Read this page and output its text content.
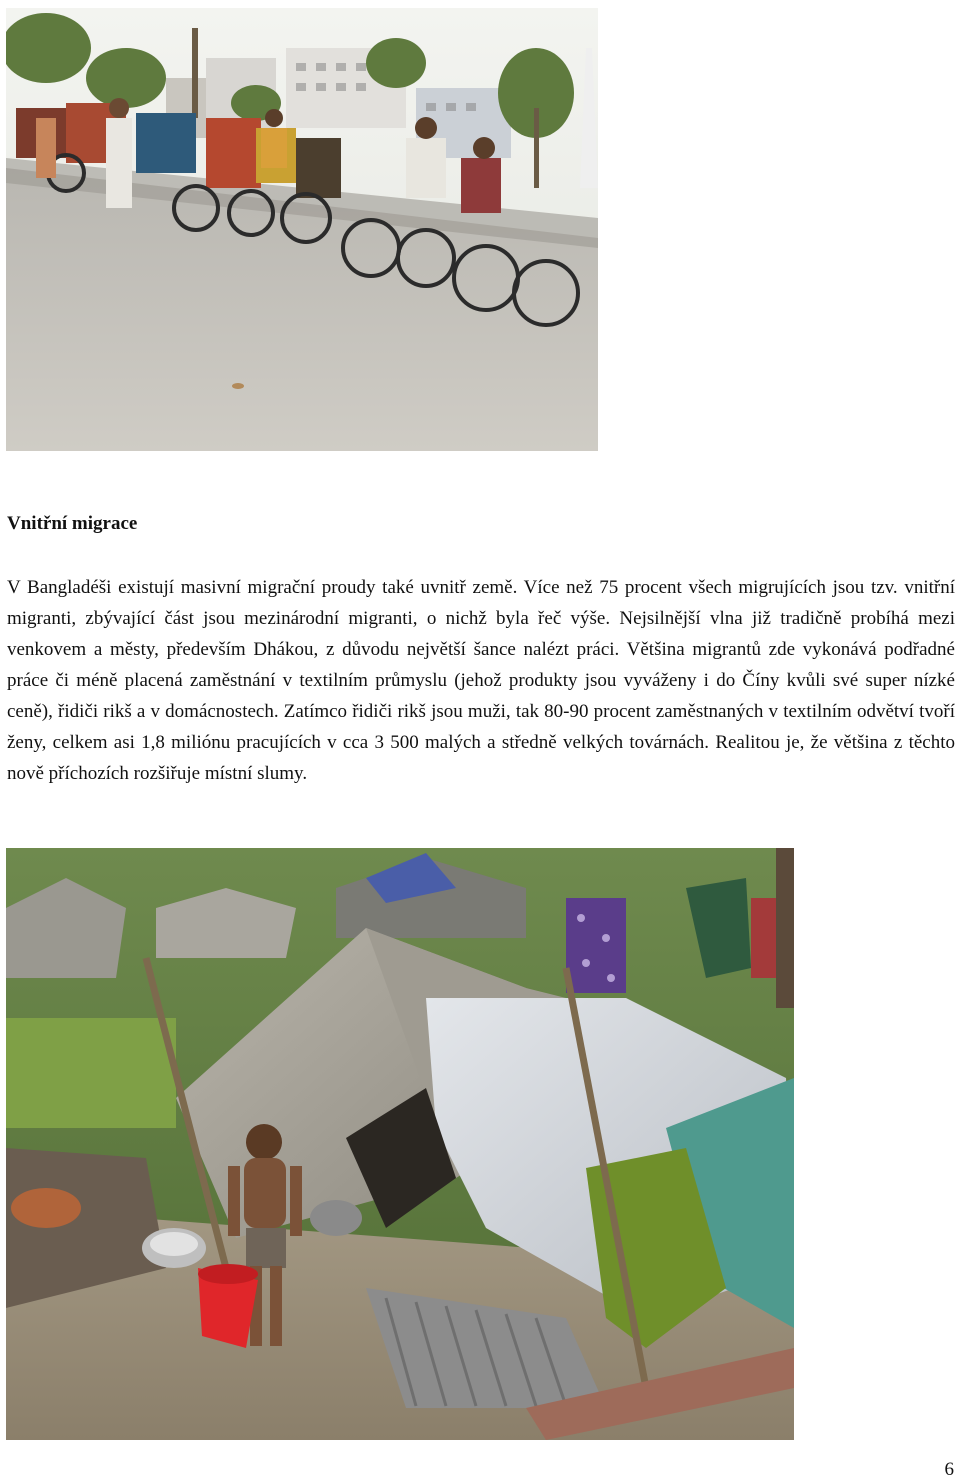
Vnitřní migrace

V Bangladéši existují masivní migrační proudy také uvnitř země. Více než 75 procent všech migrujících jsou tzv. vnitřní migranti, zbývající část jsou mezinárodní migranti, o nichž byla řeč výše. Nejsilnější vlna již tradičně probíhá mezi venkovem a městy, především Dhákou, z důvodu největší šance nalézt práci. Většina migrantů zde vykonává podřadné práce či méně placená zaměstnání v textilním průmyslu (jehož produkty jsou vyváženy i do Číny kvůli své super nízké ceně), řidiči rikš a v domácnostech. Zatímco řidiči rikš jsou muži, tak 80-90 procent zaměstnaných v textilním odvětví tvoří ženy, celkem asi 1,8 miliónu pracujících v cca 3 500 malých a středně velkých továrnách. Realitou je, že většina z těchto nově příchozích rozšiřuje místní slumy.

6
